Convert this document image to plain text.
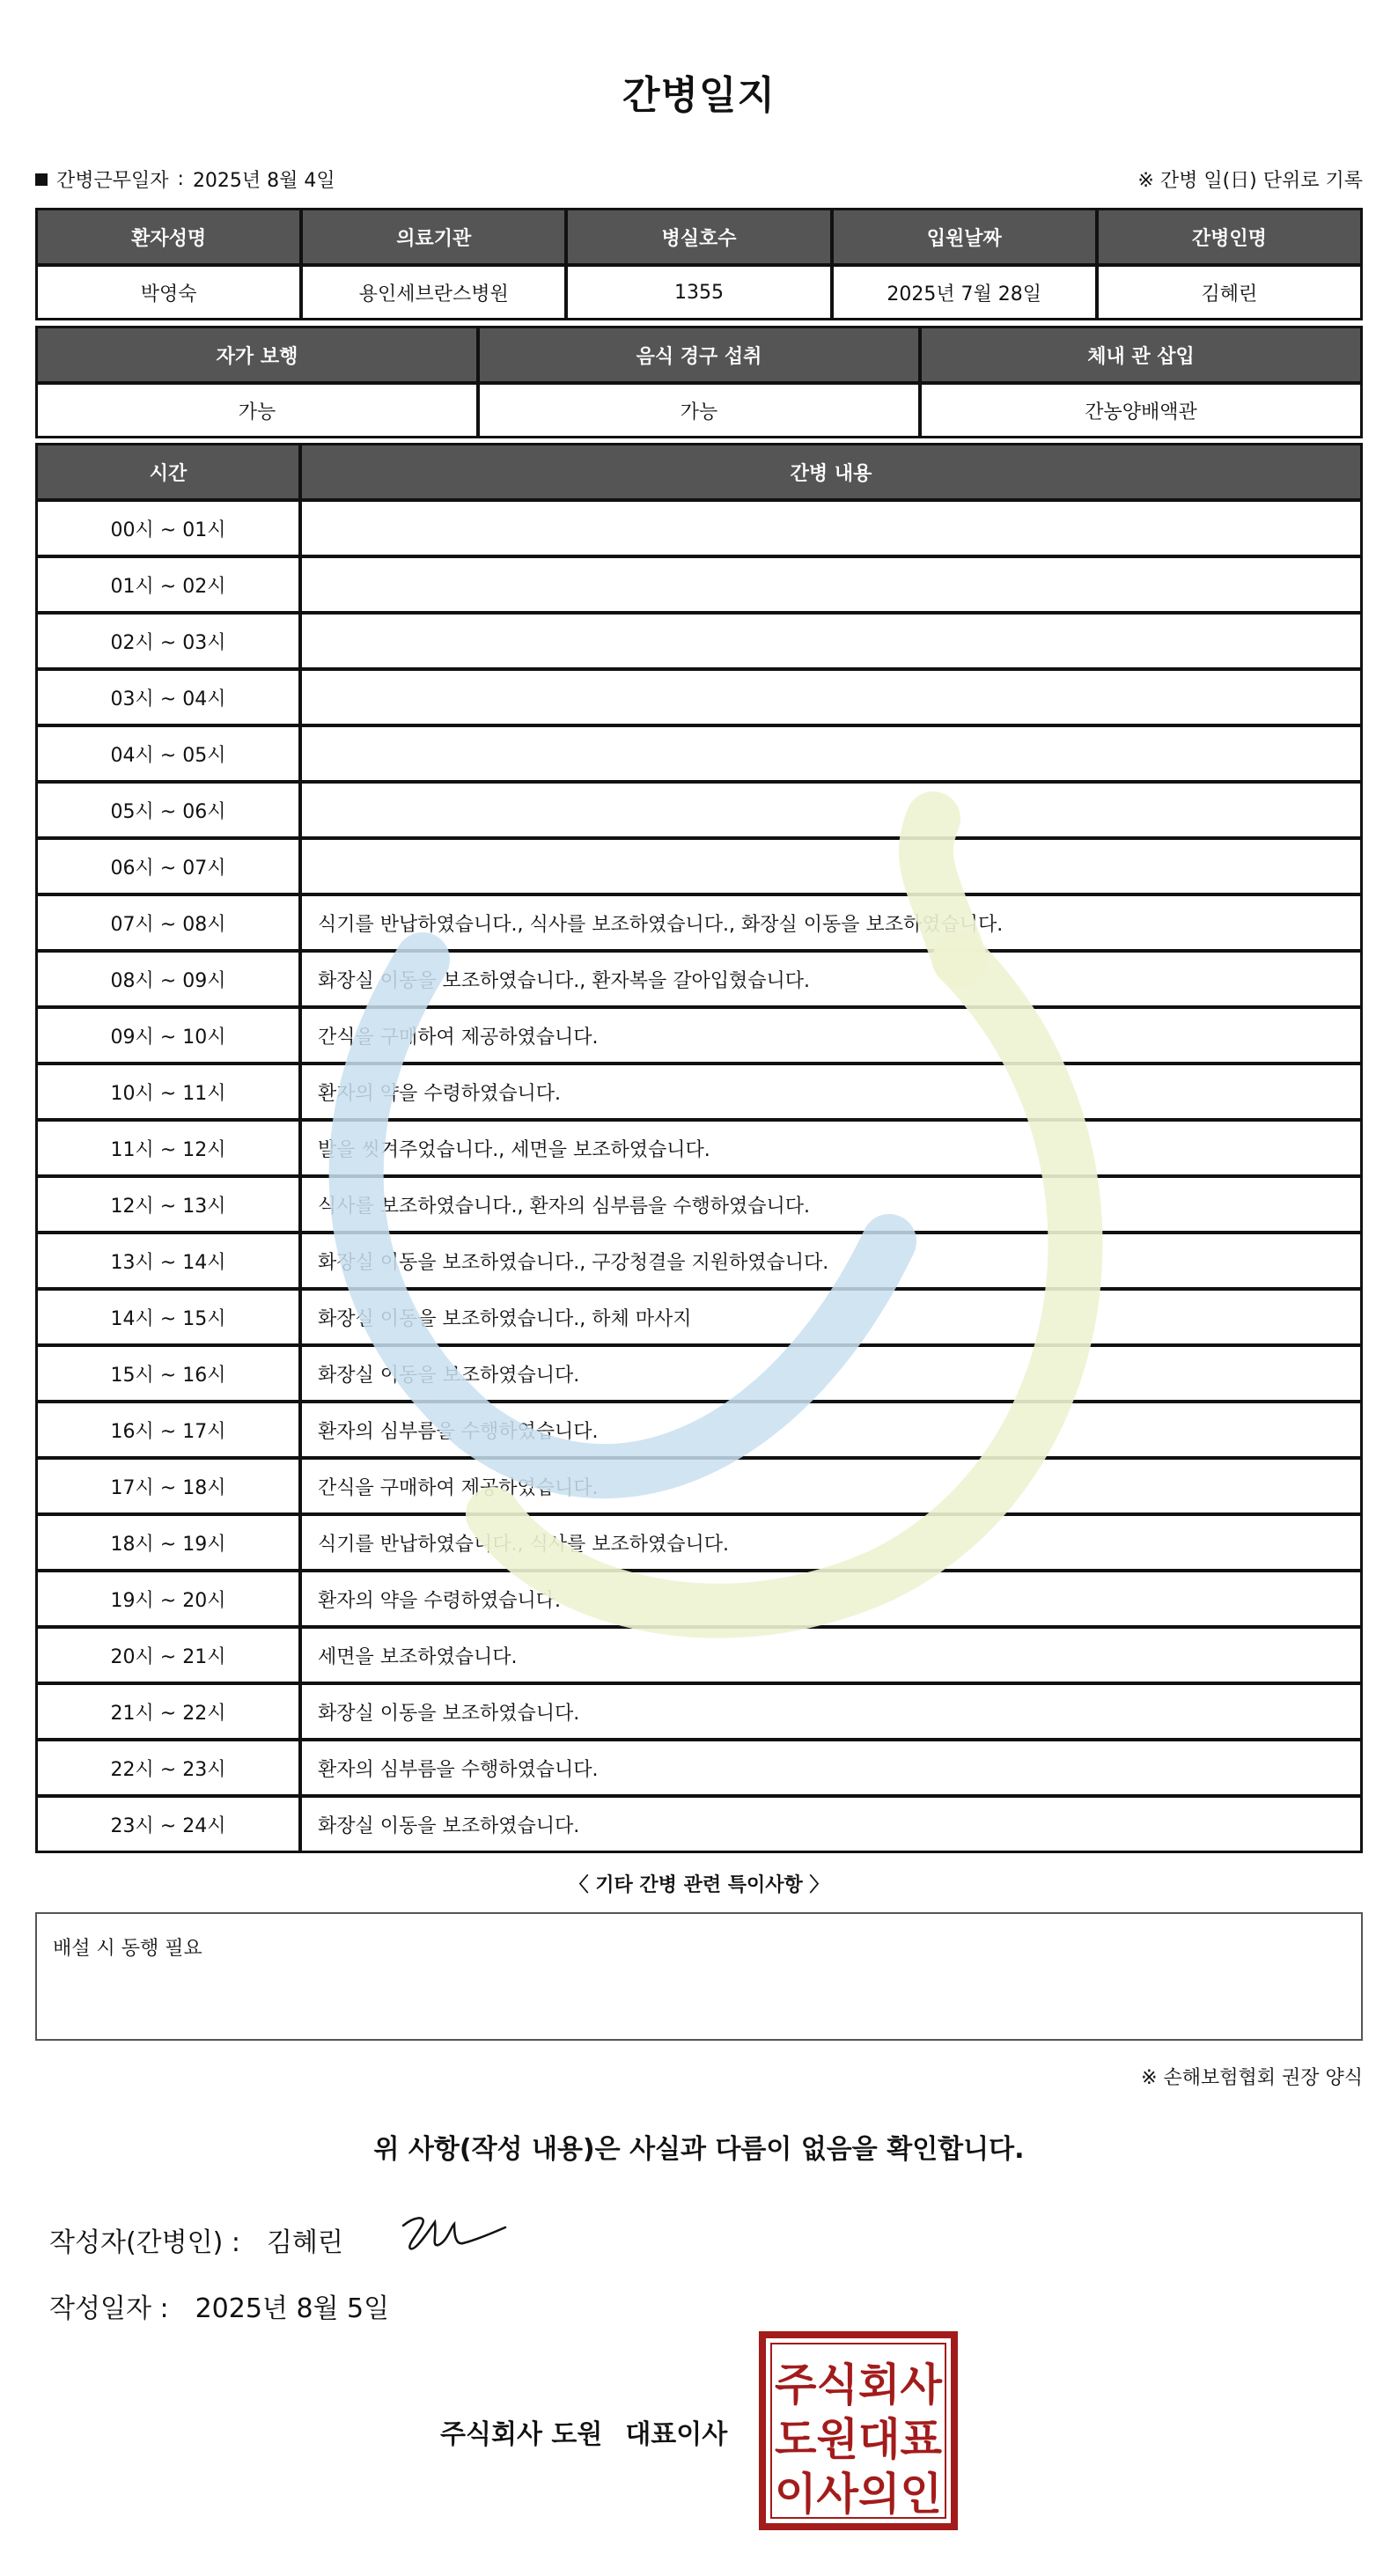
간병일지
간병근무일자 : 2025년 8월 4일	※ 간병 일(日) 단위로 기록
환자성명	의료기관	병실호수	입원날짜	간병인명
박영숙	용인세브란스병원	1355	2025년 7월 28일	김혜린
자가 보행	음식 경구 섭취	체내 관 삽입
가능	가능	간농양배액관
시간	간병 내용
00시 ~ 01시
01시 ~ 02시
02시 ~ 03시
03시 ~ 04시
04시 ~ 05시
05시 ~ 06시
06시 ~ 07시
07시 ~ 08시	식기를 반납하였습니다., 식사를 보조하였습니다., 화장실 이동을 보조하였습니다.
08시 ~ 09시	화장실 이동을 보조하였습니다., 환자복을 갈아입혔습니다.
09시 ~ 10시	간식을 구매하여 제공하였습니다.
10시 ~ 11시	환자의 약을 수령하였습니다.
11시 ~ 12시	발을 씻겨주었습니다., 세면을 보조하였습니다.
12시 ~ 13시	식사를 보조하였습니다., 환자의 심부름을 수행하였습니다.
13시 ~ 14시	화장실 이동을 보조하였습니다., 구강청결을 지원하였습니다.
14시 ~ 15시	화장실 이동을 보조하였습니다., 하체 마사지
15시 ~ 16시	화장실 이동을 보조하였습니다.
16시 ~ 17시	환자의 심부름을 수행하였습니다.
17시 ~ 18시	간식을 구매하여 제공하였습니다.
18시 ~ 19시	식기를 반납하였습니다., 식사를 보조하였습니다.
19시 ~ 20시	환자의 약을 수령하였습니다.
20시 ~ 21시	세면을 보조하였습니다.
21시 ~ 22시	화장실 이동을 보조하였습니다.
22시 ~ 23시	환자의 심부름을 수행하였습니다.
23시 ~ 24시	화장실 이동을 보조하였습니다.
〈 기타 간병 관련 특이사항 〉
배설 시 동행 필요
※ 손해보험협회 권장 양식
위 사항(작성 내용)은 사실과 다름이 없음을 확인합니다.
작성자(간병인) : 김혜린
작성일자 : 2025년 8월 5일
주식회사 도원 대표이사
주식회사
도원대표
이사의인
